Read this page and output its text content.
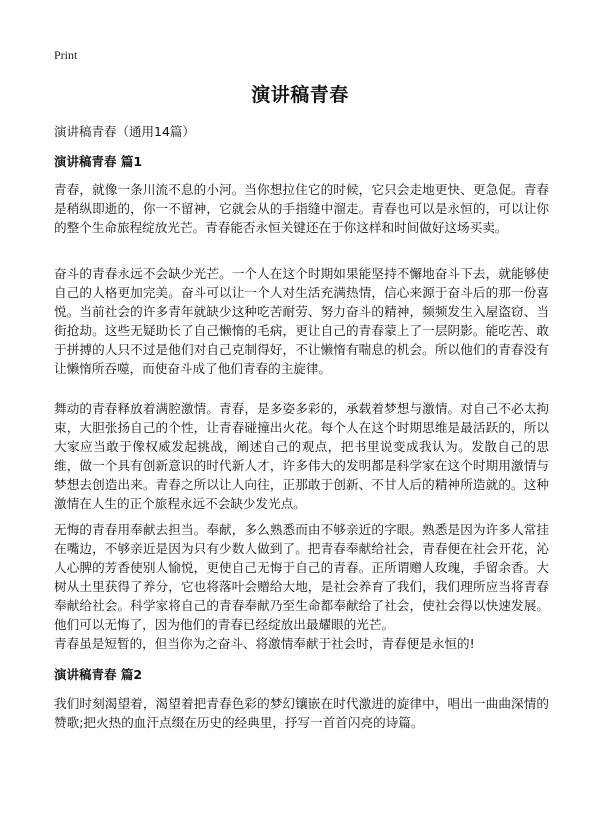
Print
演讲稿青春

演讲稿青春（通用14篇）

演讲稿青春 篇1

青春，就像一条川流不息的小河。当你想拉住它的时候，它只会走地更快、更急促。青春是稍纵即逝的，你一不留神，它就会从的手指缝中溜走。青春也可以是永恒的，可以让你的整个生命旅程绽放光芒。青春能否永恒关键还在于你这样和时间做好这场买卖。

奋斗的青春永远不会缺少光芒。一个人在这个时期如果能坚持不懈地奋斗下去，就能够使自己的人格更加完美。奋斗可以让一个人对生活充满热情，信心来源于奋斗后的那一份喜悦。当前社会的许多青年就缺少这种吃苦耐劳、努力奋斗的精神，频频发生入屋盗窃、当街抢劫。这些无疑助长了自己懒惰的毛病，更让自己的青春蒙上了一层阴影。能吃苦、敢于拼搏的人只不过是他们对自己克制得好，不让懒惰有喘息的机会。所以他们的青春没有让懒惰所吞噬，而使奋斗成了他们青春的主旋律。

舞动的青春释放着满腔激情。青春，是多姿多彩的，承载着梦想与激情。对自己不必太拘束，大胆张扬自己的个性，让青春碰撞出火花。每个人在这个时期思维是最活跃的，所以大家应当敢于像权威发起挑战，阐述自己的观点，把书里说变成我认为。发散自己的思维，做一个具有创新意识的时代新人才，许多伟大的发明都是科学家在这个时期用激情与梦想去创造出来。青春之所以让人向往，正那敢于创新、不甘人后的精神所造就的。这种激情在人生的正个旅程永远不会缺少发光点。

无悔的青春用奉献去担当。奉献，多么熟悉而由不够亲近的字眼。熟悉是因为许多人常挂在嘴边，不够亲近是因为只有少数人做到了。把青春奉献给社会，青春便在社会开花，沁人心脾的芳香使别人愉悦，更使自己无悔于自己的青春。正所谓赠人玫瑰，手留余香。大树从土里获得了养分，它也将落叶会赠给大地，是社会养育了我们，我们理所应当将青春奉献给社会。科学家将自己的青春奉献乃至生命都奉献给了社会，使社会得以快速发展。他们可以无悔了，因为他们的青春已经绽放出最耀眼的光芒。

青春虽是短暂的，但当你为之奋斗、将激情奉献于社会时，青春便是永恒的!

演讲稿青春 篇2

我们时刻渴望着，渴望着把青春色彩的梦幻镶嵌在时代激进的旋律中，唱出一曲曲深情的赞歌;把火热的血汗点缀在历史的经典里，抒写一首首闪亮的诗篇。
